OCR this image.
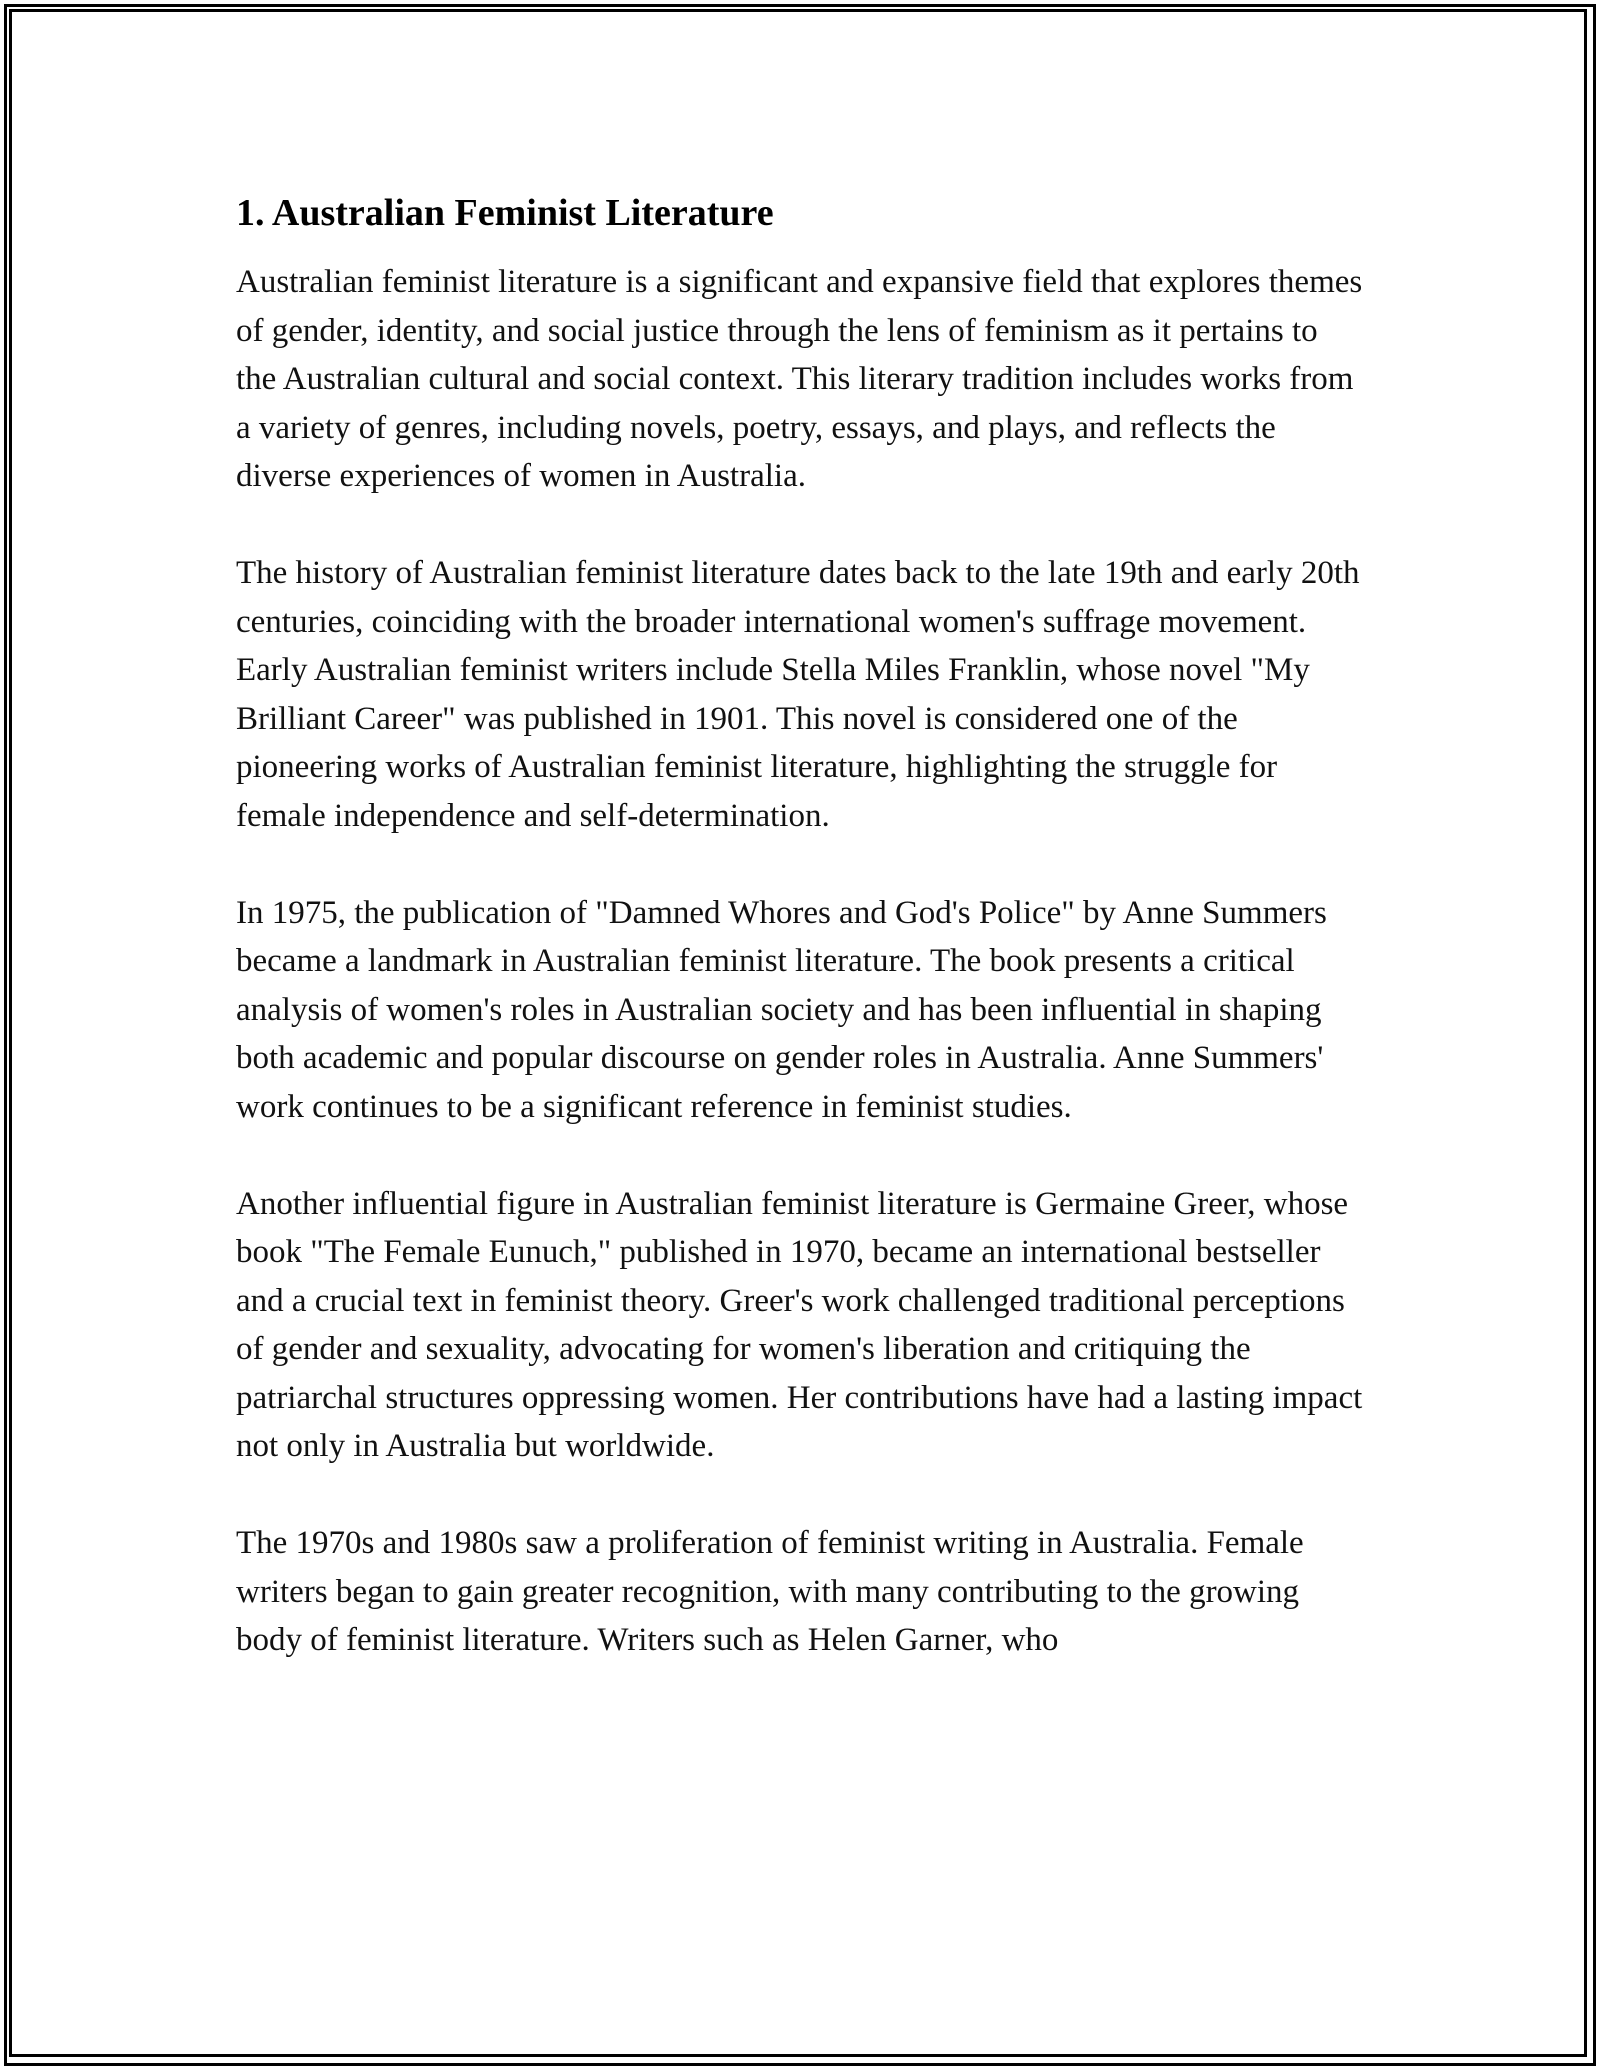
1. Australian Feminist Literature

Australian feminist literature is a significant and expansive field that explores themes of gender, identity, and social justice through the lens of feminism as it pertains to the Australian cultural and social context. This literary tradition includes works from a variety of genres, including novels, poetry, essays, and plays, and reflects the diverse experiences of women in Australia.

The history of Australian feminist literature dates back to the late 19th and early 20th centuries, coinciding with the broader international women's suffrage movement. Early Australian feminist writers include Stella Miles Franklin, whose novel "My Brilliant Career" was published in 1901. This novel is considered one of the pioneering works of Australian feminist literature, highlighting the struggle for female independence and self-determination.

In 1975, the publication of "Damned Whores and God's Police" by Anne Summers became a landmark in Australian feminist literature. The book presents a critical analysis of women's roles in Australian society and has been influential in shaping both academic and popular discourse on gender roles in Australia. Anne Summers' work continues to be a significant reference in feminist studies.

Another influential figure in Australian feminist literature is Germaine Greer, whose book "The Female Eunuch," published in 1970, became an international bestseller and a crucial text in feminist theory. Greer's work challenged traditional perceptions of gender and sexuality, advocating for women's liberation and critiquing the patriarchal structures oppressing women. Her contributions have had a lasting impact not only in Australia but worldwide.

The 1970s and 1980s saw a proliferation of feminist writing in Australia. Female writers began to gain greater recognition, with many contributing to the growing body of feminist literature. Writers such as Helen Garner, who
